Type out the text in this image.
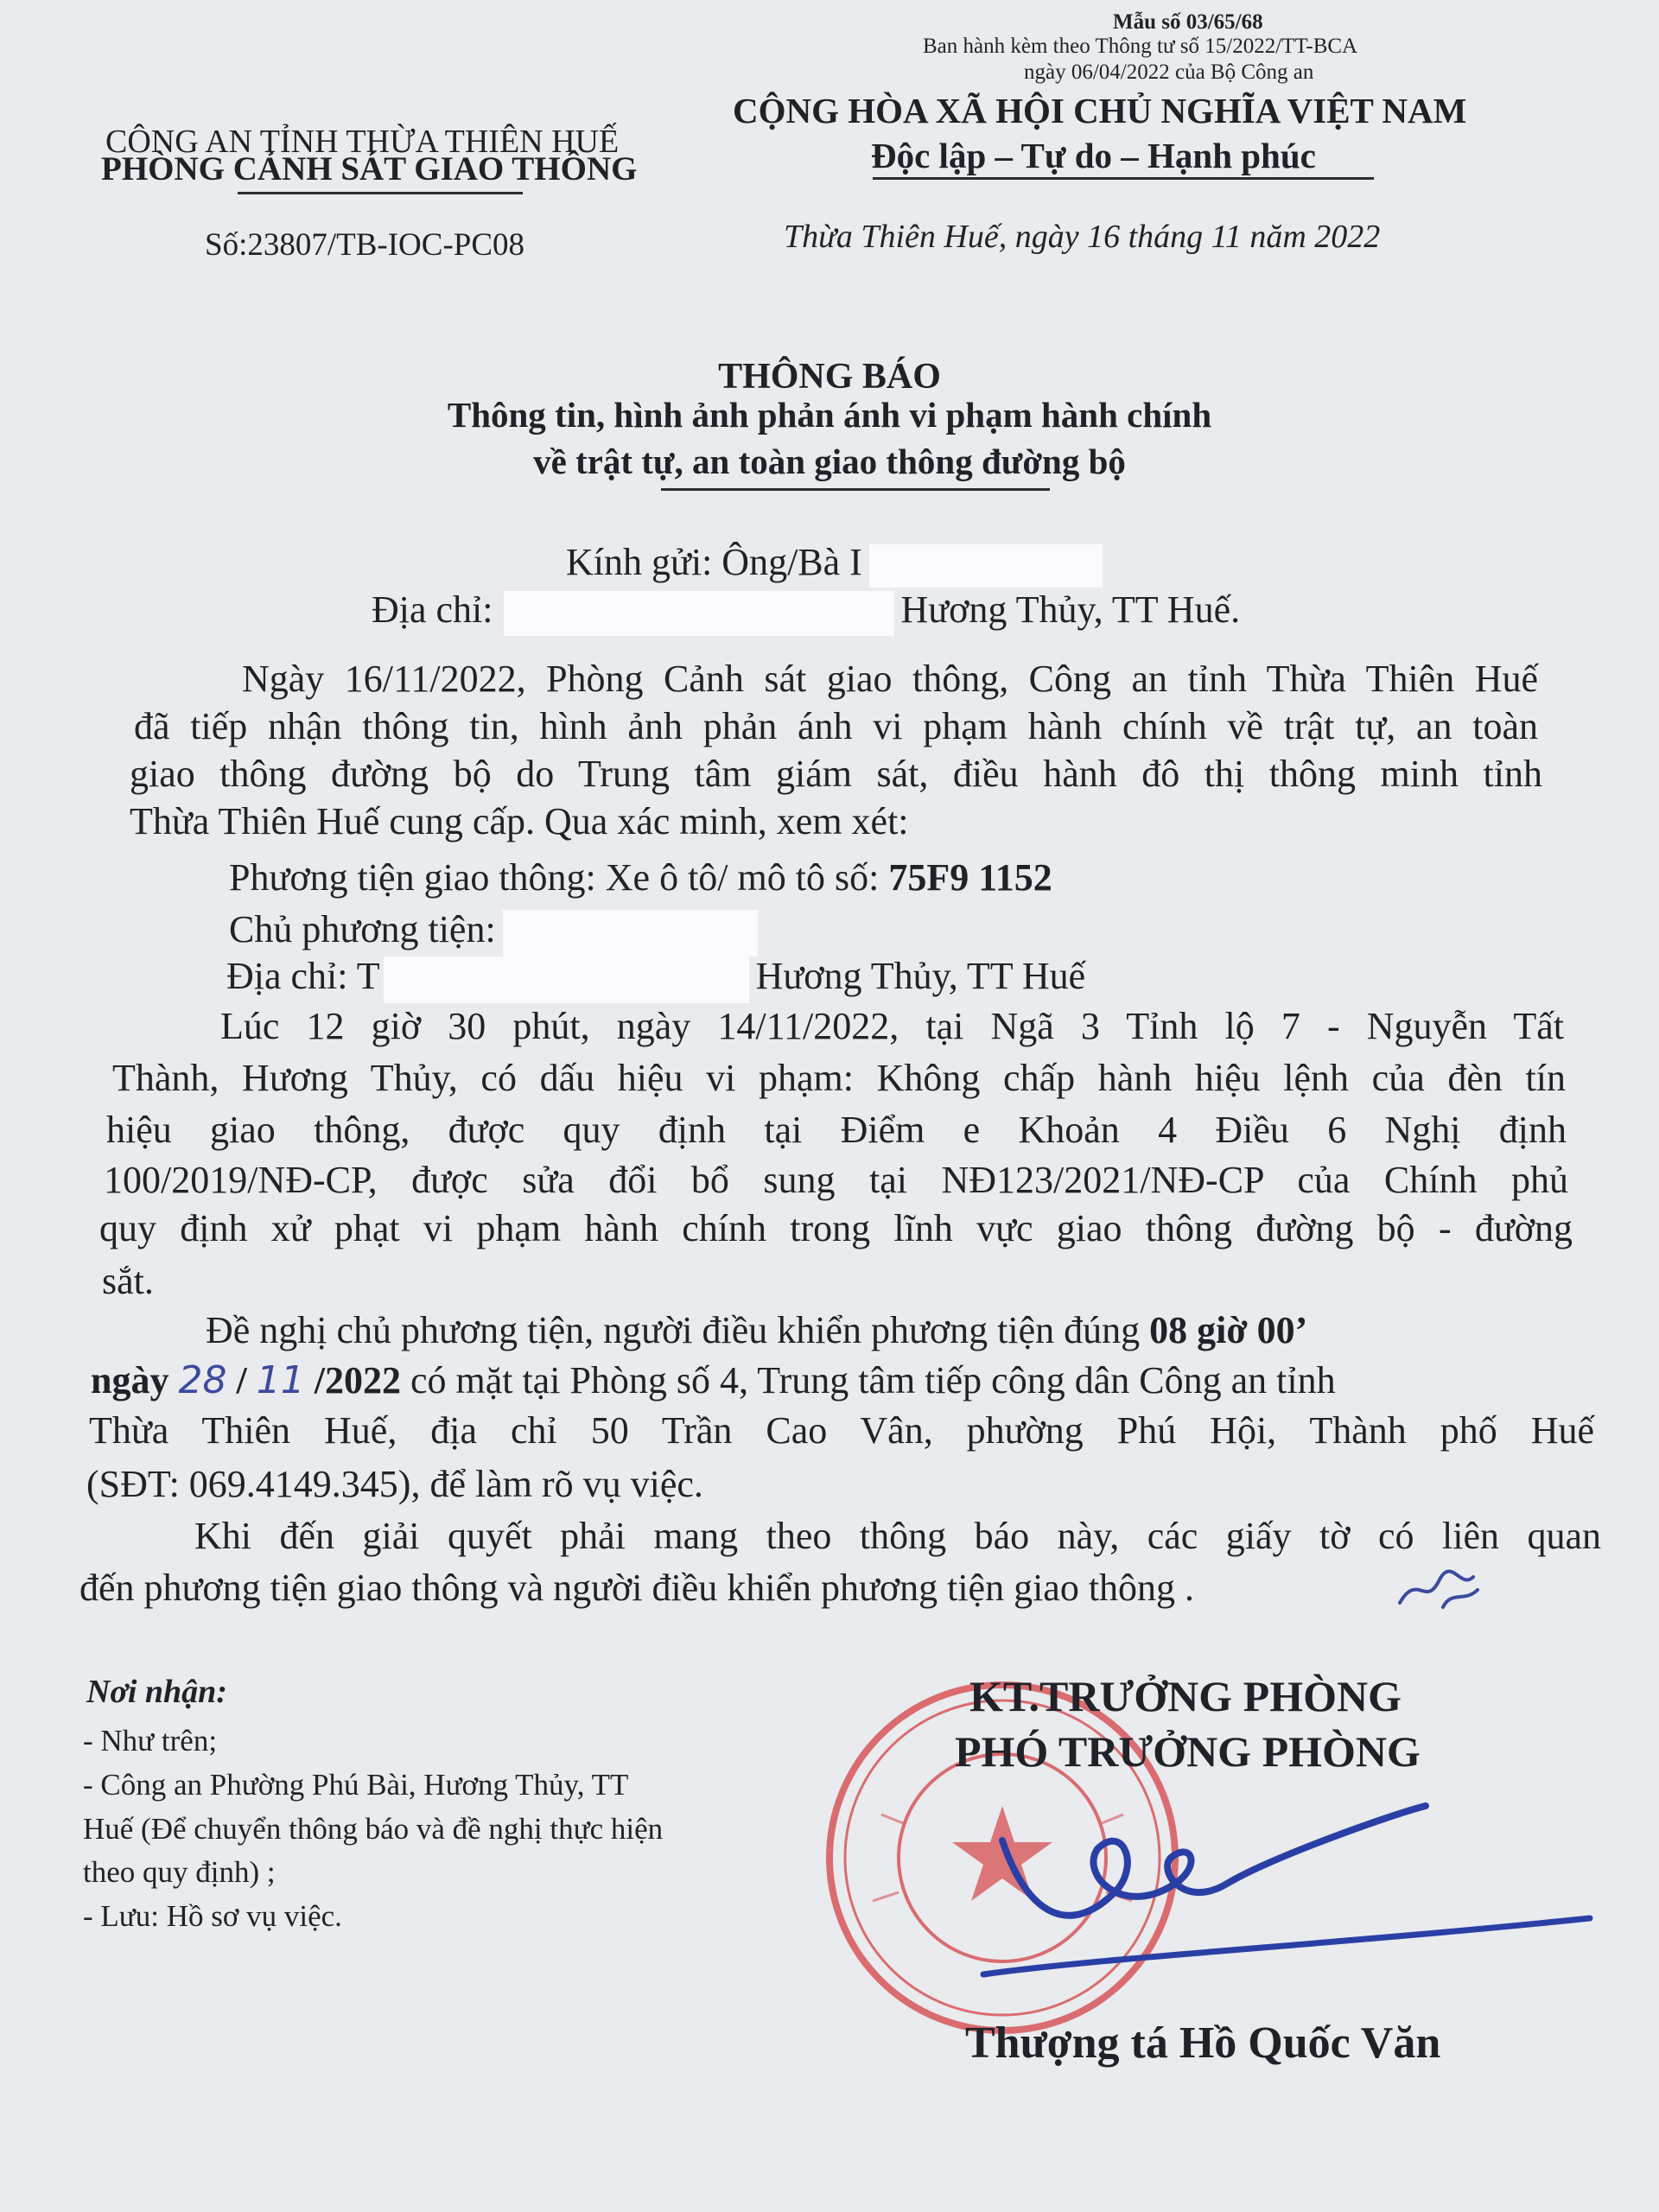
Mẫu số 03/65/68
Ban hành kèm theo Thông tư số 15/2022/TT-BCA
ngày 06/04/2022 của Bộ Công an
CÔNG AN TỈNH THỪA THIÊN HUẾ
PHÒNG CẢNH SÁT GIAO THÔNG
Số:23807/TB-IOC-PC08
CỘNG HÒA XÃ HỘI CHỦ NGHĨA VIỆT NAM
Độc lập – Tự do – Hạnh phúc
Thừa Thiên Huế, ngày 16 tháng 11 năm 2022
THÔNG BÁO
Thông tin, hình ảnh phản ánh vi phạm hành chính
về trật tự, an toàn giao thông đường bộ
Kính gửi: Ông/Bà I
Địa chỉ:	Hương Thủy, TT Huế.
Ngày 16/11/2022, Phòng Cảnh sát giao thông, Công an tỉnh Thừa Thiên Huế
đã tiếp nhận thông tin, hình ảnh phản ánh vi phạm hành chính về trật tự, an toàn
giao thông đường bộ do Trung tâm giám sát, điều hành đô thị thông minh tỉnh
Thừa Thiên Huế cung cấp. Qua xác minh, xem xét:
Phương tiện giao thông: Xe ô tô/ mô tô số: 75F9 1152
Chủ phương tiện:
Địa chỉ: T	Hương Thủy, TT Huế
Lúc 12 giờ 30 phút, ngày 14/11/2022, tại Ngã 3 Tỉnh lộ 7 - Nguyễn Tất
Thành, Hương Thủy, có dấu hiệu vi phạm: Không chấp hành hiệu lệnh của đèn tín
hiệu giao thông, được quy định tại Điểm e Khoản 4 Điều 6 Nghị định
100/2019/NĐ-CP, được sửa đổi bổ sung tại NĐ123/2021/NĐ-CP của Chính phủ
quy định xử phạt vi phạm hành chính trong lĩnh vực giao thông đường bộ - đường
sắt.
Đề nghị chủ phương tiện, người điều khiển phương tiện đúng 08 giờ 00’
ngày 28 / 11 /2022 có mặt tại Phòng số 4, Trung tâm tiếp công dân Công an tỉnh
Thừa Thiên Huế, địa chỉ 50 Trần Cao Vân, phường Phú Hội, Thành phố Huế
(SĐT: 069.4149.345), để làm rõ vụ việc.
Khi đến giải quyết phải mang theo thông báo này, các giấy tờ có liên quan
đến phương tiện giao thông và người điều khiển phương tiện giao thông .
Nơi nhận:
- Như trên;
- Công an Phường Phú Bài, Hương Thủy, TT
Huế (Để chuyển thông báo và đề nghị thực hiện
theo quy định) ;
- Lưu: Hồ sơ vụ việc.
KT.TRƯỞNG PHÒNG
PHÓ TRƯỞNG PHÒNG
Thượng tá Hồ Quốc Văn
